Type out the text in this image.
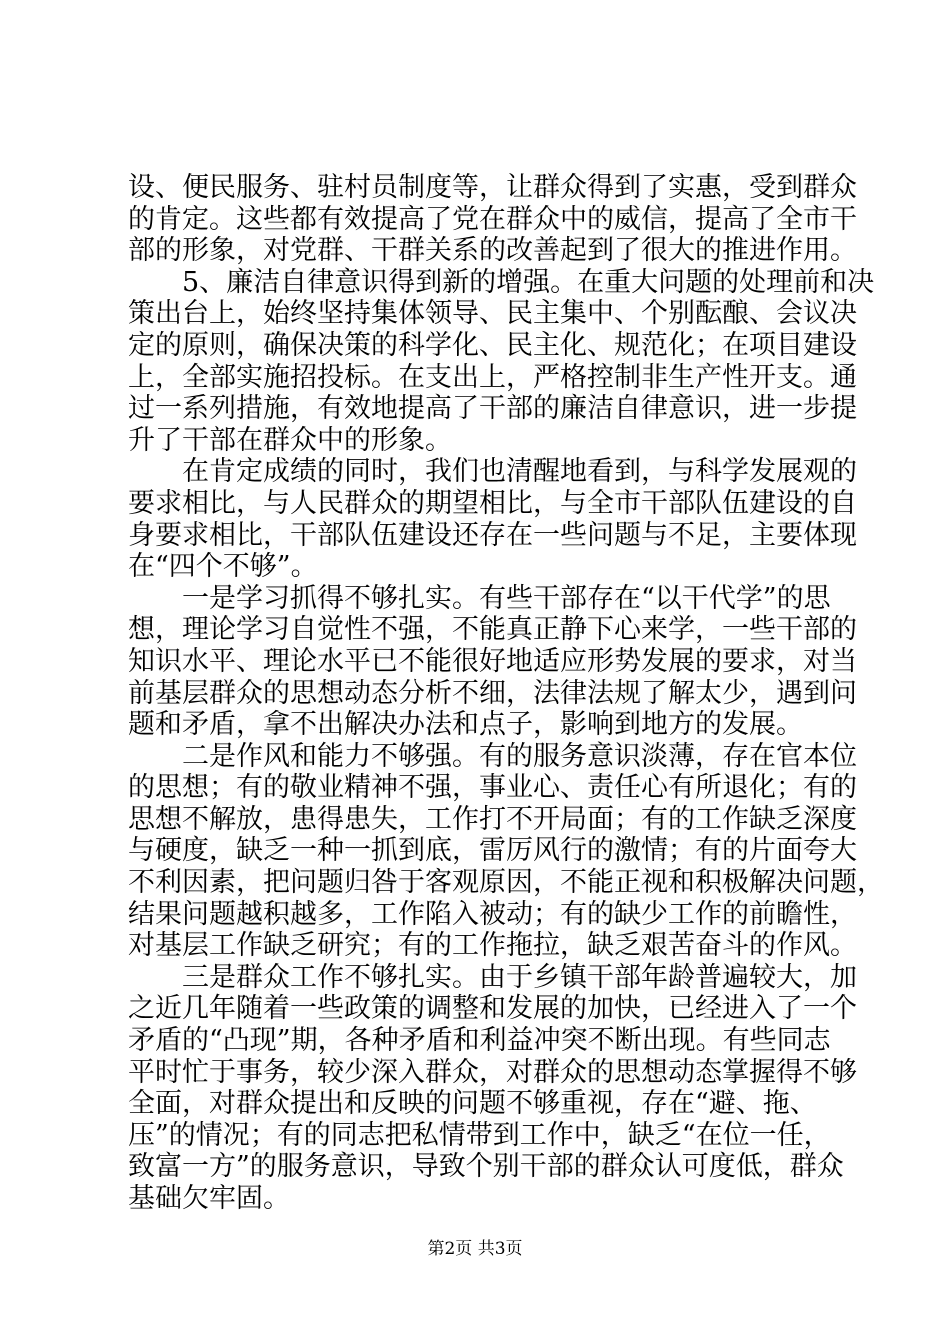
设、便民服务、驻村员制度等，让群众得到了实惠，受到群众
的肯定。这些都有效提高了党在群众中的威信，提高了全市干
部的形象，对党群、干群关系的改善起到了很大的推进作用。
5、廉洁自律意识得到新的增强。在重大问题的处理前和决
策出台上，始终坚持集体领导、民主集中、个别酝酿、会议决
定的原则，确保决策的科学化、民主化、规范化；在项目建设
上，全部实施招投标。在支出上，严格控制非生产性开支。通
过一系列措施，有效地提高了干部的廉洁自律意识，进一步提
升了干部在群众中的形象。
在肯定成绩的同时，我们也清醒地看到，与科学发展观的
要求相比，与人民群众的期望相比，与全市干部队伍建设的自
身要求相比，干部队伍建设还存在一些问题与不足，主要体现
在“四个不够”。
一是学习抓得不够扎实。有些干部存在“以干代学”的思
想，理论学习自觉性不强，不能真正静下心来学，一些干部的
知识水平、理论水平已不能很好地适应形势发展的要求，对当
前基层群众的思想动态分析不细，法律法规了解太少，遇到问
题和矛盾，拿不出解决办法和点子，影响到地方的发展。
二是作风和能力不够强。有的服务意识淡薄，存在官本位
的思想；有的敬业精神不强，事业心、责任心有所退化；有的
思想不解放，患得患失，工作打不开局面；有的工作缺乏深度
与硬度，缺乏一种一抓到底，雷厉风行的激情；有的片面夸大
不利因素，把问题归咎于客观原因，不能正视和积极解决问题，
结果问题越积越多，工作陷入被动；有的缺少工作的前瞻性，
对基层工作缺乏研究；有的工作拖拉，缺乏艰苦奋斗的作风。
三是群众工作不够扎实。由于乡镇干部年龄普遍较大，加
之近几年随着一些政策的调整和发展的加快，已经进入了一个
矛盾的“凸现”期，各种矛盾和利益冲突不断出现。有些同志
平时忙于事务，较少深入群众，对群众的思想动态掌握得不够
全面，对群众提出和反映的问题不够重视，存在“避、拖、
压”的情况；有的同志把私情带到工作中，缺乏“在位一任，
致富一方”的服务意识，导致个别干部的群众认可度低，群众
基础欠牢固。
第2页 共3页
